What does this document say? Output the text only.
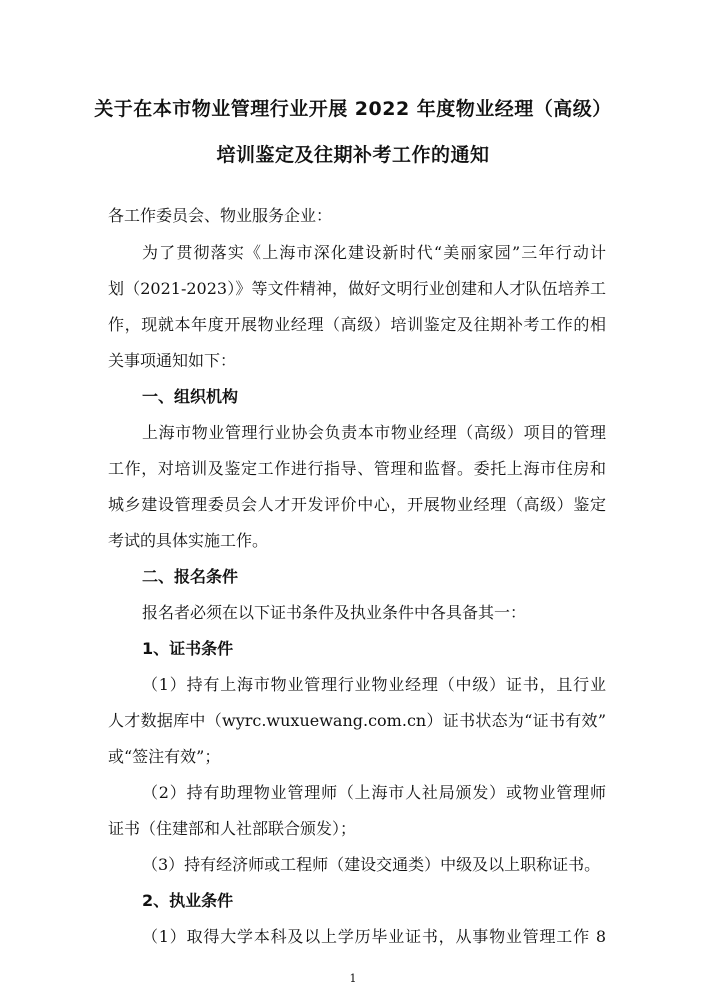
关于在本市物业管理行业开展 2022 年度物业经理（高级）
培训鉴定及往期补考工作的通知
各工作委员会、物业服务企业：
为了贯彻落实《上海市深化建设新时代“美丽家园”三年行动计
划（2021-2023）》等文件精神，做好文明行业创建和人才队伍培养工
作，现就本年度开展物业经理（高级）培训鉴定及往期补考工作的相
关事项通知如下：
一、组织机构
上海市物业管理行业协会负责本市物业经理（高级）项目的管理
工作，对培训及鉴定工作进行指导、管理和监督。委托上海市住房和
城乡建设管理委员会人才开发评价中心，开展物业经理（高级）鉴定
考试的具体实施工作。
二、报名条件
报名者必须在以下证书条件及执业条件中各具备其一：
1、证书条件
（1）持有上海市物业管理行业物业经理（中级）证书，且行业
人才数据库中（wyrc.wuxuewang.com.cn）证书状态为“证书有效”
或“签注有效”；
（2）持有助理物业管理师（上海市人社局颁发）或物业管理师
证书（住建部和人社部联合颁发）；
（3）持有经济师或工程师（建设交通类）中级及以上职称证书。
2、执业条件
（1）取得大学本科及以上学历毕业证书，从事物业管理工作 8
1
